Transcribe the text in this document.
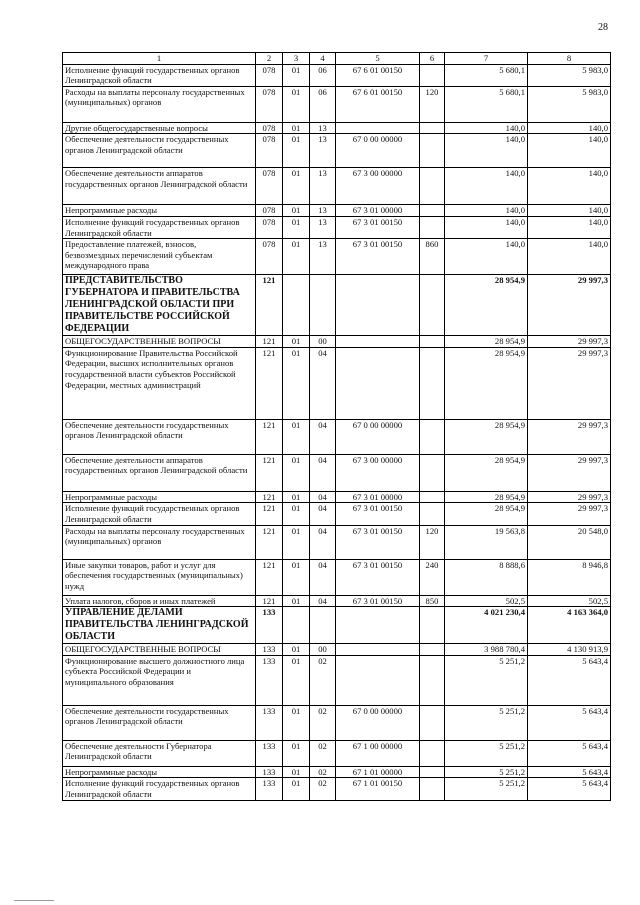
28
1	2	3	4	5	6	7	8
Исполнение функций государственных органов Ленинградской области	078	01	06	67 6 01 00150		5 680,1	5 983,0
Расходы на выплаты персоналу государственных (муниципальных) органов	078	01	06	67 6 01 00150	120	5 680,1	5 983,0
Другие общегосударственные вопросы	078	01	13			140,0	140,0
Обеспечение деятельности государственных органов Ленинградской области	078	01	13	67 0 00 00000		140,0	140,0
Обеспечение деятельности аппаратов государственных органов Ленинградской области	078	01	13	67 3 00 00000		140,0	140,0
Непрограммные расходы	078	01	13	67 3 01 00000		140,0	140,0
Исполнение функций государственных органов Ленинградской области	078	01	13	67 3 01 00150		140,0	140,0
Предоставление платежей, взносов, безвозмездных перечислений субъектам международного права	078	01	13	67 3 01 00150	860	140,0	140,0
ПРЕДСТАВИТЕЛЬСТВО ГУБЕРНАТОРА И ПРАВИТЕЛЬСТВА ЛЕНИНГРАДСКОЙ ОБЛАСТИ ПРИ ПРАВИТЕЛЬСТВЕ РОССИЙСКОЙ ФЕДЕРАЦИИ	121					28 954,9	29 997,3
ОБЩЕГОСУДАРСТВЕННЫЕ ВОПРОСЫ	121	01	00			28 954,9	29 997,3
Функционирование Правительства Российской Федерации, высших исполнительных органов государственной власти субъектов Российской Федерации, местных администраций	121	01	04			28 954,9	29 997,3
Обеспечение деятельности государственных органов Ленинградской области	121	01	04	67 0 00 00000		28 954,9	29 997,3
Обеспечение деятельности аппаратов государственных органов Ленинградской области	121	01	04	67 3 00 00000		28 954,9	29 997,3
Непрограммные расходы	121	01	04	67 3 01 00000		28 954,9	29 997,3
Исполнение функций государственных органов Ленинградской области	121	01	04	67 3 01 00150		28 954,9	29 997,3
Расходы на выплаты персоналу государственных (муниципальных) органов	121	01	04	67 3 01 00150	120	19 563,8	20 548,0
Иные закупки товаров, работ и услуг для обеспечения государственных (муниципальных) нужд	121	01	04	67 3 01 00150	240	8 888,6	8 946,8
Уплата налогов, сборов и иных платежей	121	01	04	67 3 01 00150	850	502,5	502,5
УПРАВЛЕНИЕ ДЕЛАМИ ПРАВИТЕЛЬСТВА ЛЕНИНГРАДСКОЙ ОБЛАСТИ	133					4 021 230,4	4 163 364,0
ОБЩЕГОСУДАРСТВЕННЫЕ ВОПРОСЫ	133	01	00			3 988 780,4	4 130 913,9
Функционирование высшего должностного лица субъекта Российской Федерации и муниципального образования	133	01	02			5 251,2	5 643,4
Обеспечение деятельности государственных органов Ленинградской области	133	01	02	67 0 00 00000		5 251,2	5 643,4
Обеспечение деятельности Губернатора Ленинградской области	133	01	02	67 1 00 00000		5 251,2	5 643,4
Непрограммные расходы	133	01	02	67 1 01 00000		5 251,2	5 643,4
Исполнение функций государственных органов Ленинградской области	133	01	02	67 1 01 00150		5 251,2	5 643,4
